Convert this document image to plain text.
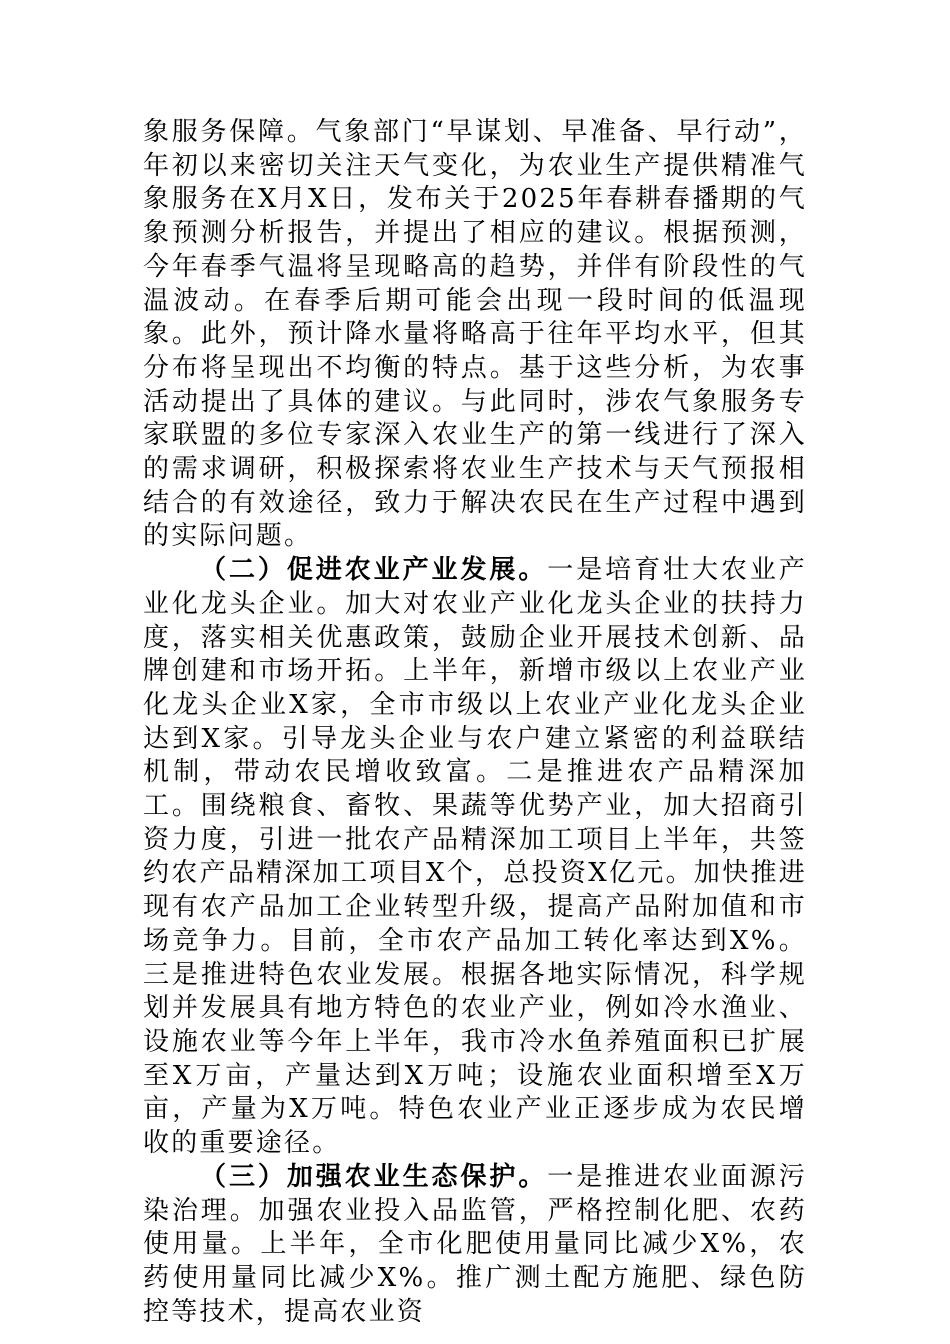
象服务保障。气象部门“早谋划、早准备、早行动”，年初以来密切关注天气变化，为农业生产提供精准气象服务在X月X日，发布关于2025年春耕春播期的气象预测分析报告，并提出了相应的建议。根据预测，今年春季气温将呈现略高的趋势，并伴有阶段性的气温波动。在春季后期可能会出现一段时间的低温现象。此外，预计降水量将略高于往年平均水平，但其分布将呈现出不均衡的特点。基于这些分析，为农事活动提出了具体的建议。与此同时，涉农气象服务专家联盟的多位专家深入农业生产的第一线进行了深入的需求调研，积极探索将农业生产技术与天气预报相结合的有效途径，致力于解决农民在生产过程中遇到的实际问题。

（二）促进农业产业发展。一是培育壮大农业产业化龙头企业。加大对农业产业化龙头企业的扶持力度，落实相关优惠政策，鼓励企业开展技术创新、品牌创建和市场开拓。上半年，新增市级以上农业产业化龙头企业X家，全市市级以上农业产业化龙头企业达到X家。引导龙头企业与农户建立紧密的利益联结机制，带动农民增收致富。二是推进农产品精深加工。围绕粮食、畜牧、果蔬等优势产业，加大招商引资力度，引进一批农产品精深加工项目上半年，共签约农产品精深加工项目X个，总投资X亿元。加快推进现有农产品加工企业转型升级，提高产品附加值和市场竞争力。目前，全市农产品加工转化率达到X%。三是推进特色农业发展。根据各地实际情况，科学规划并发展具有地方特色的农业产业，例如冷水渔业、设施农业等今年上半年，我市冷水鱼养殖面积已扩展至X万亩，产量达到X万吨；设施农业面积增至X万亩，产量为X万吨。特色农业产业正逐步成为农民增收的重要途径。

（三）加强农业生态保护。一是推进农业面源污染治理。加强农业投入品监管，严格控制化肥、农药使用量。上半年，全市化肥使用量同比减少X%，农药使用量同比减少X%。推广测土配方施肥、绿色防控等技术，提高农业资
